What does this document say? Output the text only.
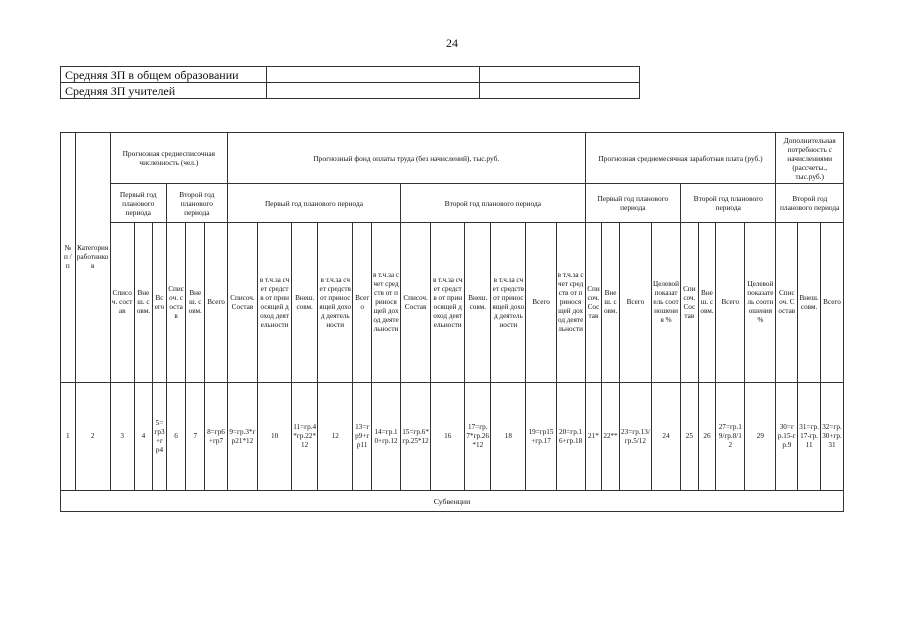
24
Средняя ЗП в общем образовании		
Средняя ЗП учителей		
№ п / п	Категория работников	Прогнозная среднесписочная численность (чел.)						Прогнозный фонд оплаты труда (без начислений), тыс.руб.												Прогнозная среднемесячная заработная плата (руб.)								Дополнительная потребность с начислениями (рассчеты., тыс.руб.)		
		Первый год планового периода			Второй год планового периода			Первый год планового периода						Второй год планового периода						Первый год планового периода				Второй год планового периода				Второй год планового периода		
		Списоч. состав	Внеш. совм.	Всего	Списоч. состав	Внеш. совм.	Всего	Списоч. Состав	в т.ч.за счет средств от приносящей доход деятельности	Внеш. совм.	в т.ч.за счет средств от приносящей доход деятельности	Всего	в т.ч.за счет средств от приносящей доход деятельности	Списоч. Состав	в т.ч.за счет средств от приносящей доход деятельности	Внеш. совм.	в т.ч.за счет средств от приносящей доход деятельности	Всего	в т.ч.за счет средств от приносящей доход деятельности	Списоч. Состав	Внеш. совм.	Всего	Целевой показатель соотношения %	Списоч. Состав	Внеш. совм.	Всего	Целевой показатель соотношения %	Списоч. Состав	Внеш. совм.	Всего
1	2	3	4	5=гр3+гр4	6	7	8=гр6+гр7	9=гр.3*гр21*12	10	11=гр.4*гр.22*12	12	13=гр9+гр11	14=гр.10+гр.12	15=гр.6*гр.25*12	16	17=гр.7*гр.26*12	18	19=гр15+гр.17	20=гр.16+гр.18	21*	22**	23=гр.13/гр.5/12	24	25	26	27=гр.19/гр.8/12	29	30=гр.15-гр.9	31=гр.17-гр.11	32=гр.30+гр.31
Субвенции																														
